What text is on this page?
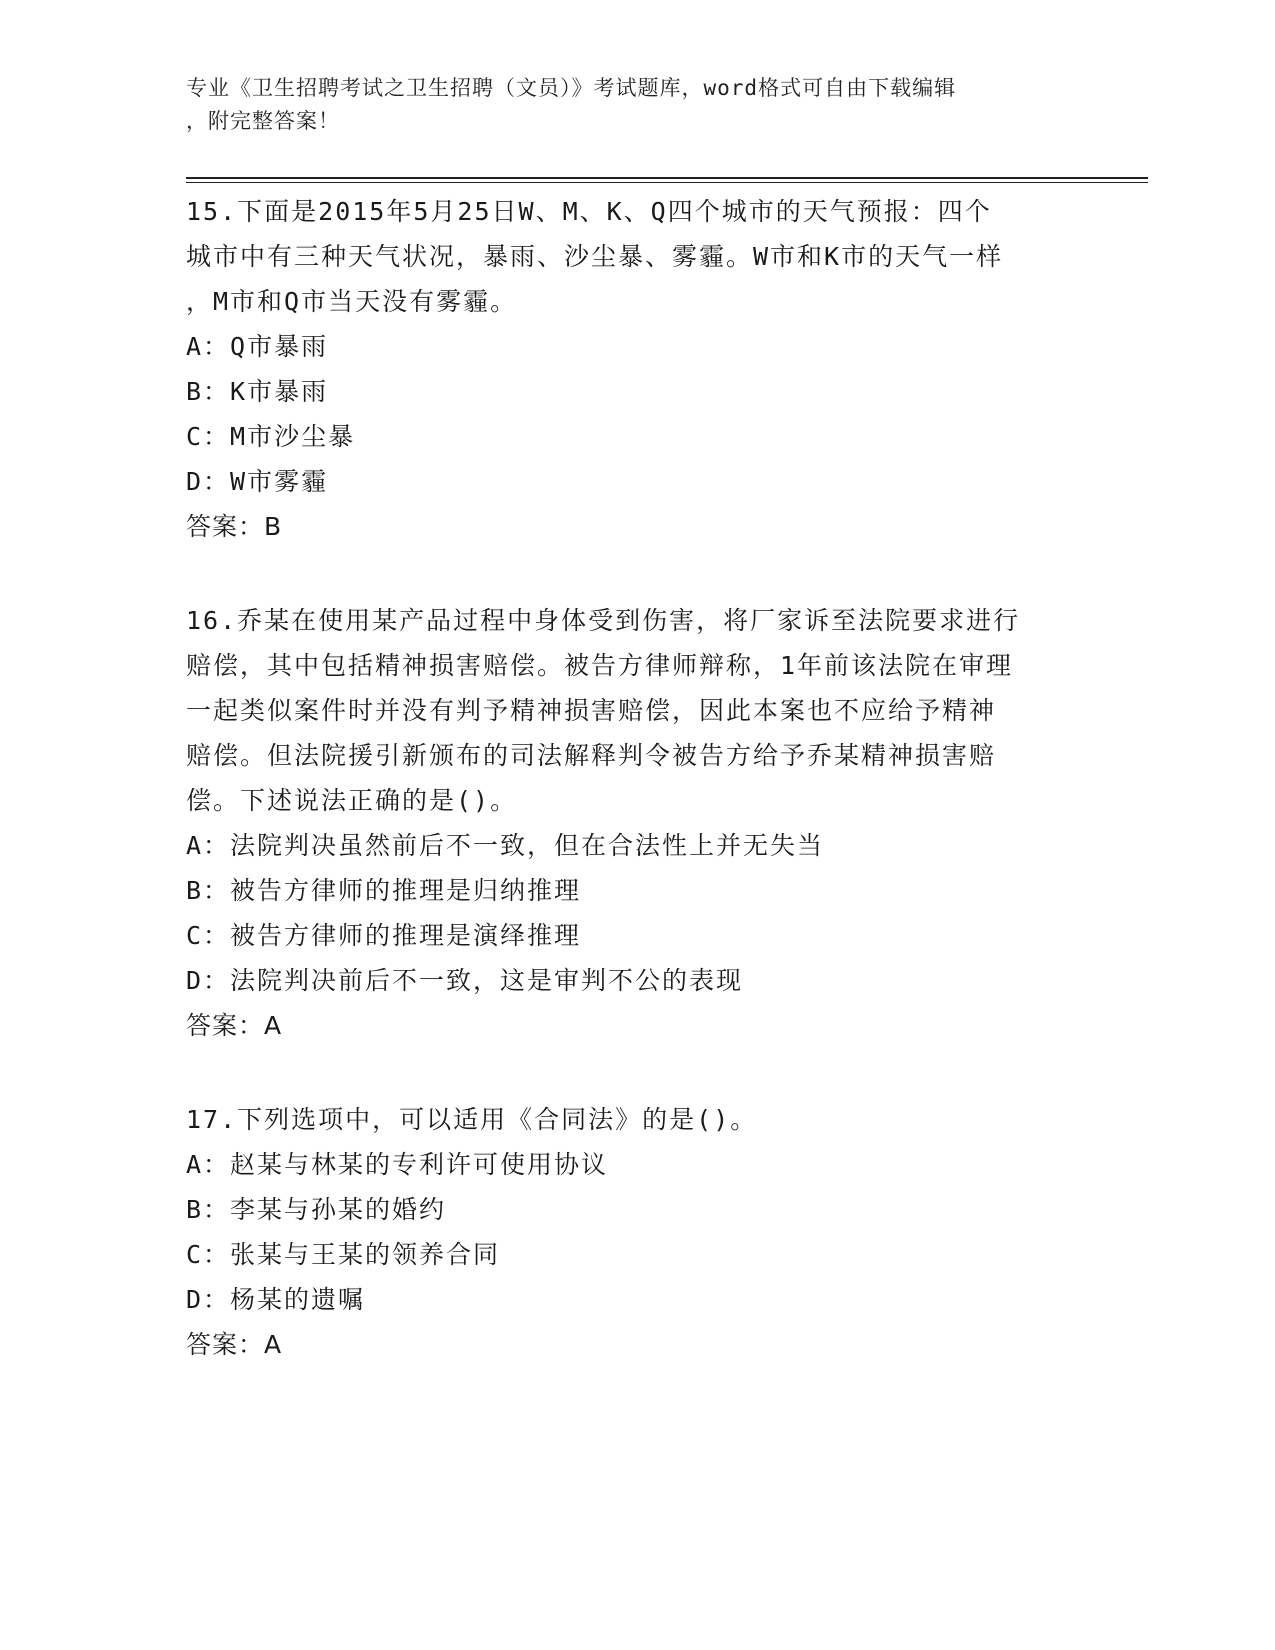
专业《卫生招聘考试之卫生招聘（文员）》考试题库，word格式可自由下载编辑
，附完整答案！
15.下面是2015年5月25日W、M、K、Q四个城市的天气预报：四个
城市中有三种天气状况，暴雨、沙尘暴、雾霾。W市和K市的天气一样
，M市和Q市当天没有雾霾。
A：Q市暴雨
B：K市暴雨
C：M市沙尘暴
D：W市雾霾
答案：B
16.乔某在使用某产品过程中身体受到伤害，将厂家诉至法院要求进行
赔偿，其中包括精神损害赔偿。被告方律师辩称，1年前该法院在审理
一起类似案件时并没有判予精神损害赔偿，因此本案也不应给予精神
赔偿。但法院援引新颁布的司法解释判令被告方给予乔某精神损害赔
偿。下述说法正确的是()。
A：法院判决虽然前后不一致，但在合法性上并无失当
B：被告方律师的推理是归纳推理
C：被告方律师的推理是演绎推理
D：法院判决前后不一致，这是审判不公的表现
答案：A
17.下列选项中，可以适用《合同法》的是()。
A：赵某与林某的专利许可使用协议
B：李某与孙某的婚约
C：张某与王某的领养合同
D：杨某的遗嘱
答案：A
